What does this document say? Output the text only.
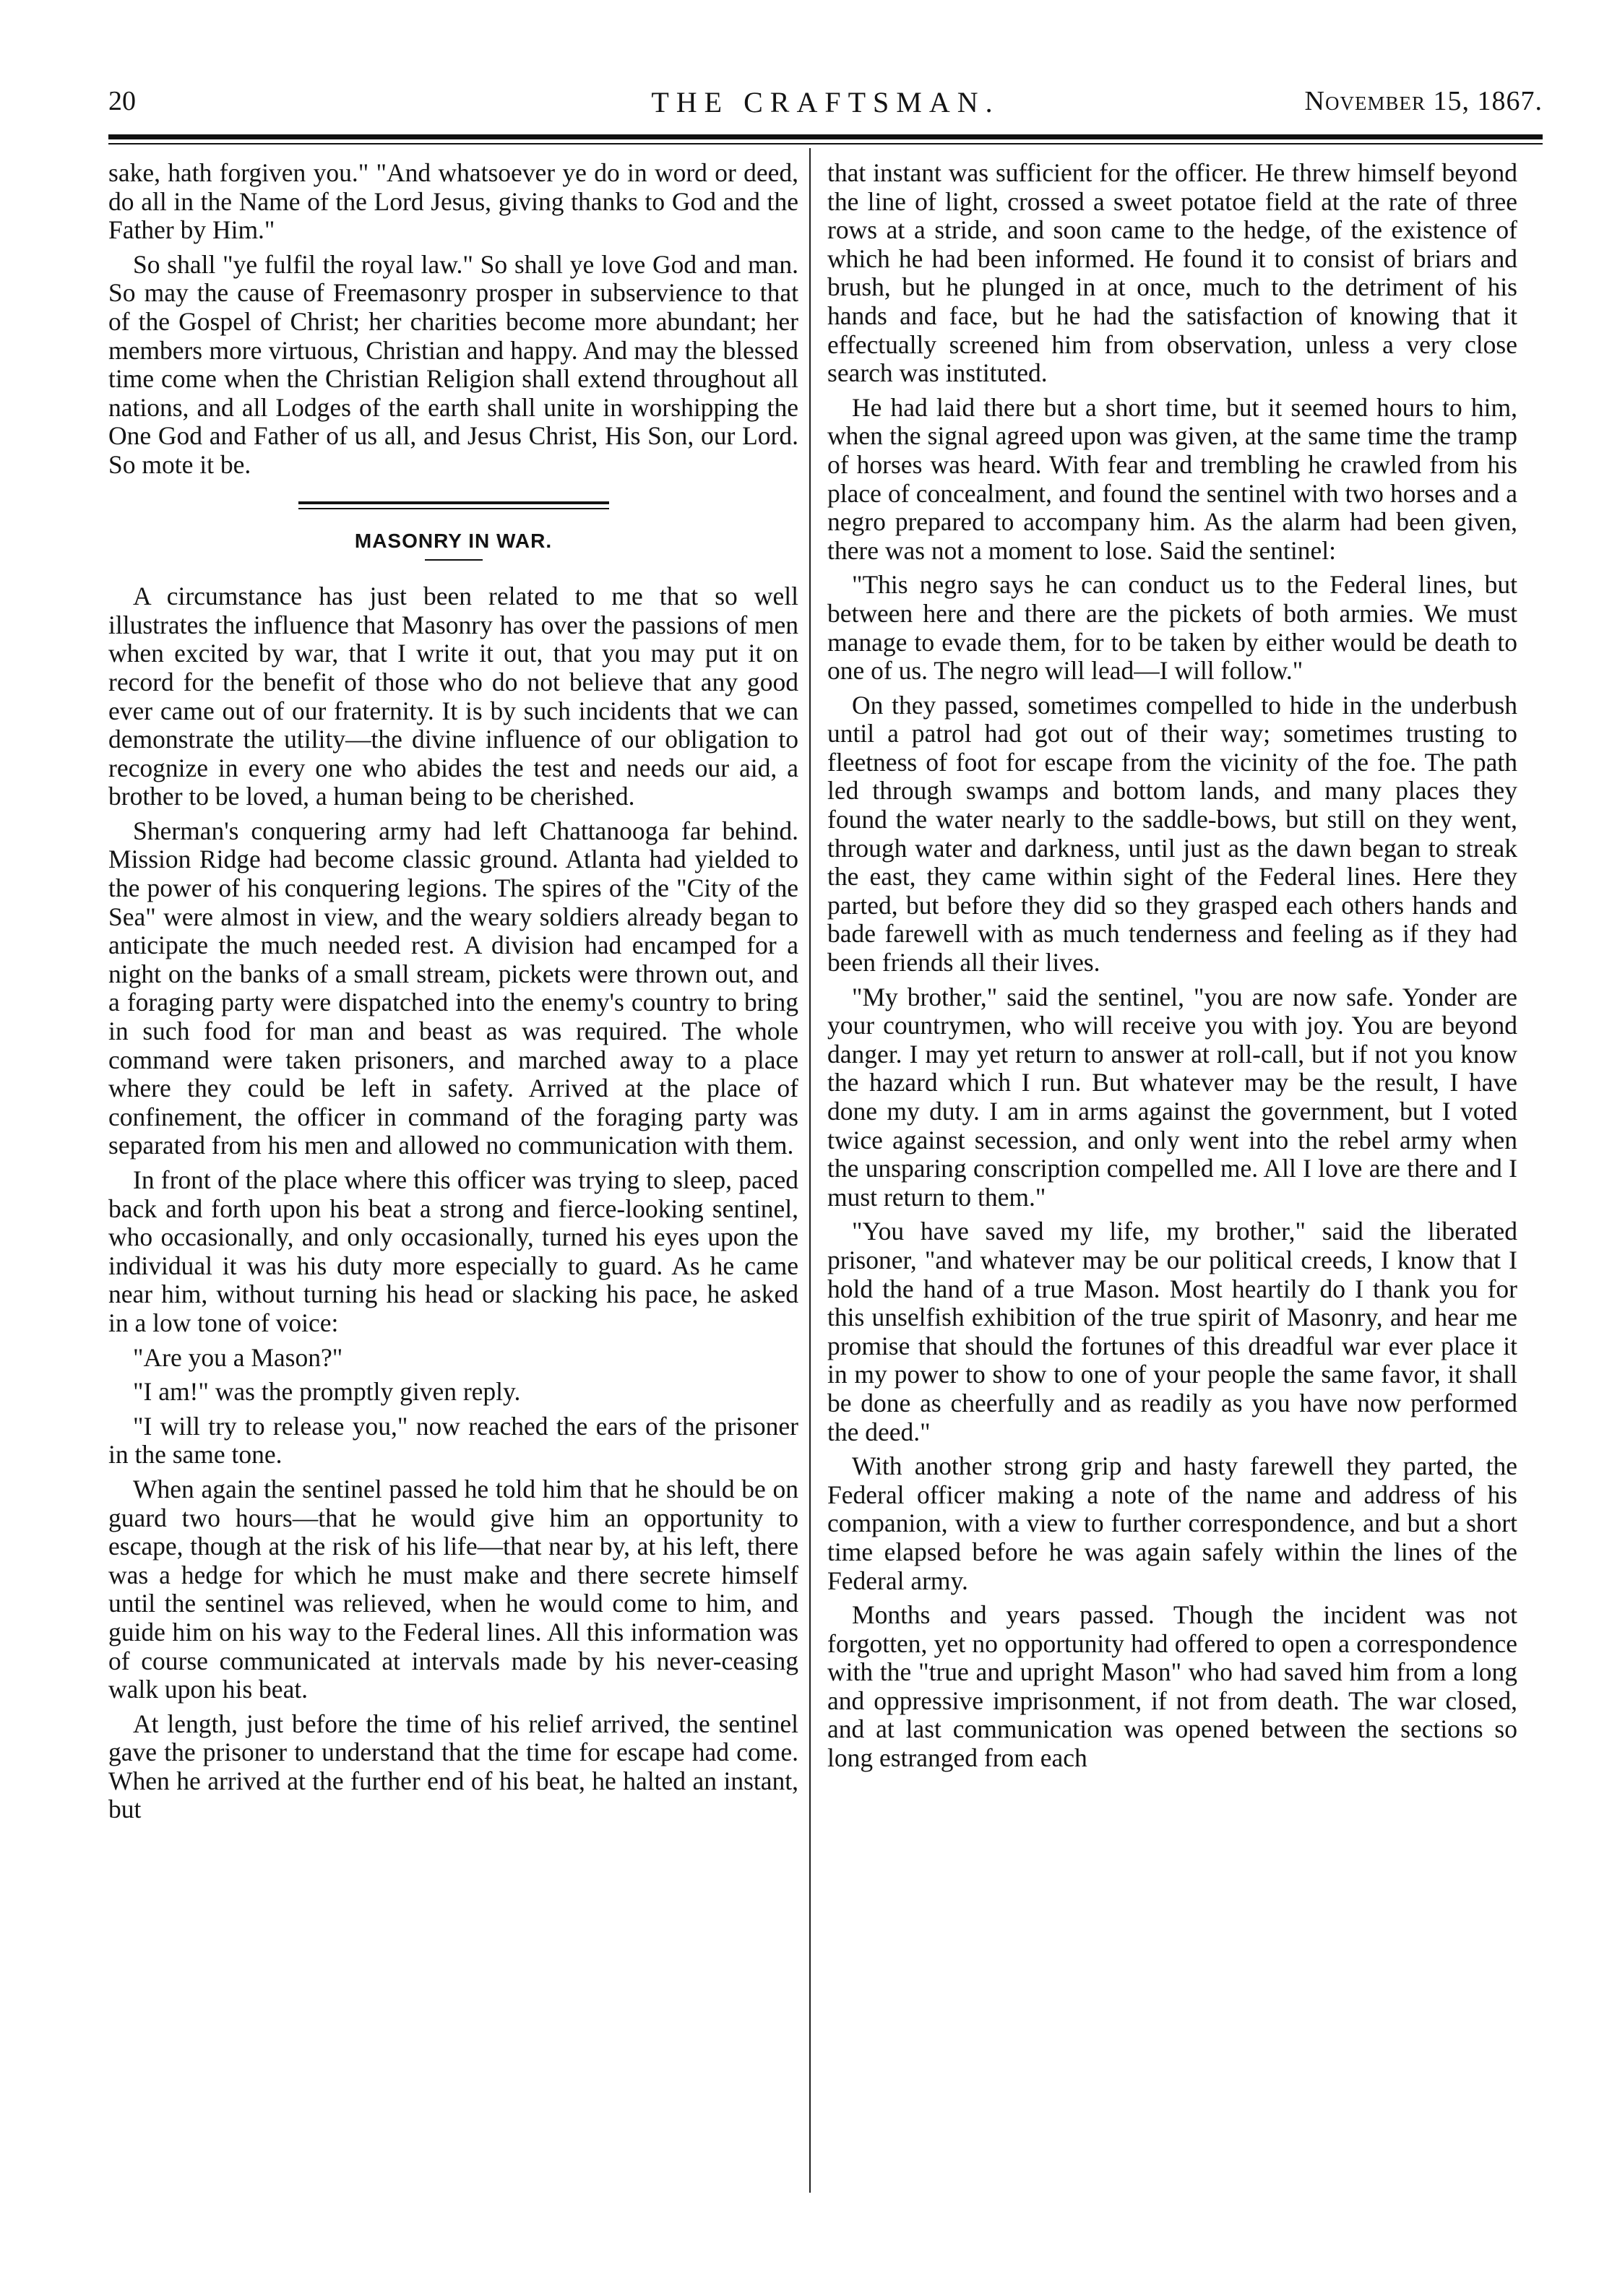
20	THE CRAFTSMAN.	November 15, 1867.

sake, hath forgiven you." "And whatsoever ye do in word or deed, do all in the Name of the Lord Jesus, giving thanks to God and the Father by Him."

So shall "ye fulfil the royal law." So shall ye love God and man. So may the cause of Freemasonry prosper in subservience to that of the Gospel of Christ; her charities become more abundant; her members more virtuous, Christian and happy. And may the blessed time come when the Christian Religion shall extend throughout all nations, and all Lodges of the earth shall unite in worshipping the One God and Father of us all, and Jesus Christ, His Son, our Lord. So mote it be.

MASONRY IN WAR.

A circumstance has just been related to me that so well illustrates the influence that Masonry has over the passions of men when excited by war, that I write it out, that you may put it on record for the benefit of those who do not believe that any good ever came out of our fraternity. It is by such incidents that we can demonstrate the utility—the divine influence of our obligation to recognize in every one who abides the test and needs our aid, a brother to be loved, a human being to be cherished.

Sherman's conquering army had left Chattanooga far behind. Mission Ridge had become classic ground. Atlanta had yielded to the power of his conquering legions. The spires of the "City of the Sea" were almost in view, and the weary soldiers already began to anticipate the much needed rest. A division had encamped for a night on the banks of a small stream, pickets were thrown out, and a foraging party were dispatched into the enemy's country to bring in such food for man and beast as was required. The whole command were taken prisoners, and marched away to a place where they could be left in safety. Arrived at the place of confinement, the officer in command of the foraging party was separated from his men and allowed no communication with them.

In front of the place where this officer was trying to sleep, paced back and forth upon his beat a strong and fierce-looking sentinel, who occasionally, and only occasionally, turned his eyes upon the individual it was his duty more especially to guard. As he came near him, without turning his head or slacking his pace, he asked in a low tone of voice:

"Are you a Mason?"

"I am!" was the promptly given reply.

"I will try to release you," now reached the ears of the prisoner in the same tone.

When again the sentinel passed he told him that he should be on guard two hours—that he would give him an opportunity to escape, though at the risk of his life—that near by, at his left, there was a hedge for which he must make and there secrete himself until the sentinel was relieved, when he would come to him, and guide him on his way to the Federal lines. All this information was of course communicated at intervals made by his never-ceasing walk upon his beat.

At length, just before the time of his relief arrived, the sentinel gave the prisoner to understand that the time for escape had come. When he arrived at the further end of his beat, he halted an instant, but

that instant was sufficient for the officer. He threw himself beyond the line of light, crossed a sweet potatoe field at the rate of three rows at a stride, and soon came to the hedge, of the existence of which he had been informed. He found it to consist of briars and brush, but he plunged in at once, much to the detriment of his hands and face, but he had the satisfaction of knowing that it effectually screened him from observation, unless a very close search was instituted.

He had laid there but a short time, but it seemed hours to him, when the signal agreed upon was given, at the same time the tramp of horses was heard. With fear and trembling he crawled from his place of concealment, and found the sentinel with two horses and a negro prepared to accompany him. As the alarm had been given, there was not a moment to lose. Said the sentinel:

"This negro says he can conduct us to the Federal lines, but between here and there are the pickets of both armies. We must manage to evade them, for to be taken by either would be death to one of us. The negro will lead—I will follow."

On they passed, sometimes compelled to hide in the underbush until a patrol had got out of their way; sometimes trusting to fleetness of foot for escape from the vicinity of the foe. The path led through swamps and bottom lands, and many places they found the water nearly to the saddle-bows, but still on they went, through water and darkness, until just as the dawn began to streak the east, they came within sight of the Federal lines. Here they parted, but before they did so they grasped each others hands and bade farewell with as much tenderness and feeling as if they had been friends all their lives.

"My brother," said the sentinel, "you are now safe. Yonder are your countrymen, who will receive you with joy. You are beyond danger. I may yet return to answer at roll-call, but if not you know the hazard which I run. But whatever may be the result, I have done my duty. I am in arms against the government, but I voted twice against secession, and only went into the rebel army when the unsparing conscription compelled me. All I love are there and I must return to them."

"You have saved my life, my brother," said the liberated prisoner, "and whatever may be our political creeds, I know that I hold the hand of a true Mason. Most heartily do I thank you for this unselfish exhibition of the true spirit of Masonry, and hear me promise that should the fortunes of this dreadful war ever place it in my power to show to one of your people the same favor, it shall be done as cheerfully and as readily as you have now performed the deed."

With another strong grip and hasty farewell they parted, the Federal officer making a note of the name and address of his companion, with a view to further correspondence, and but a short time elapsed before he was again safely within the lines of the Federal army.

Months and years passed. Though the incident was not forgotten, yet no opportunity had offered to open a correspondence with the "true and upright Mason" who had saved him from a long and oppressive imprisonment, if not from death. The war closed, and at last communication was opened between the sections so long estranged from each
